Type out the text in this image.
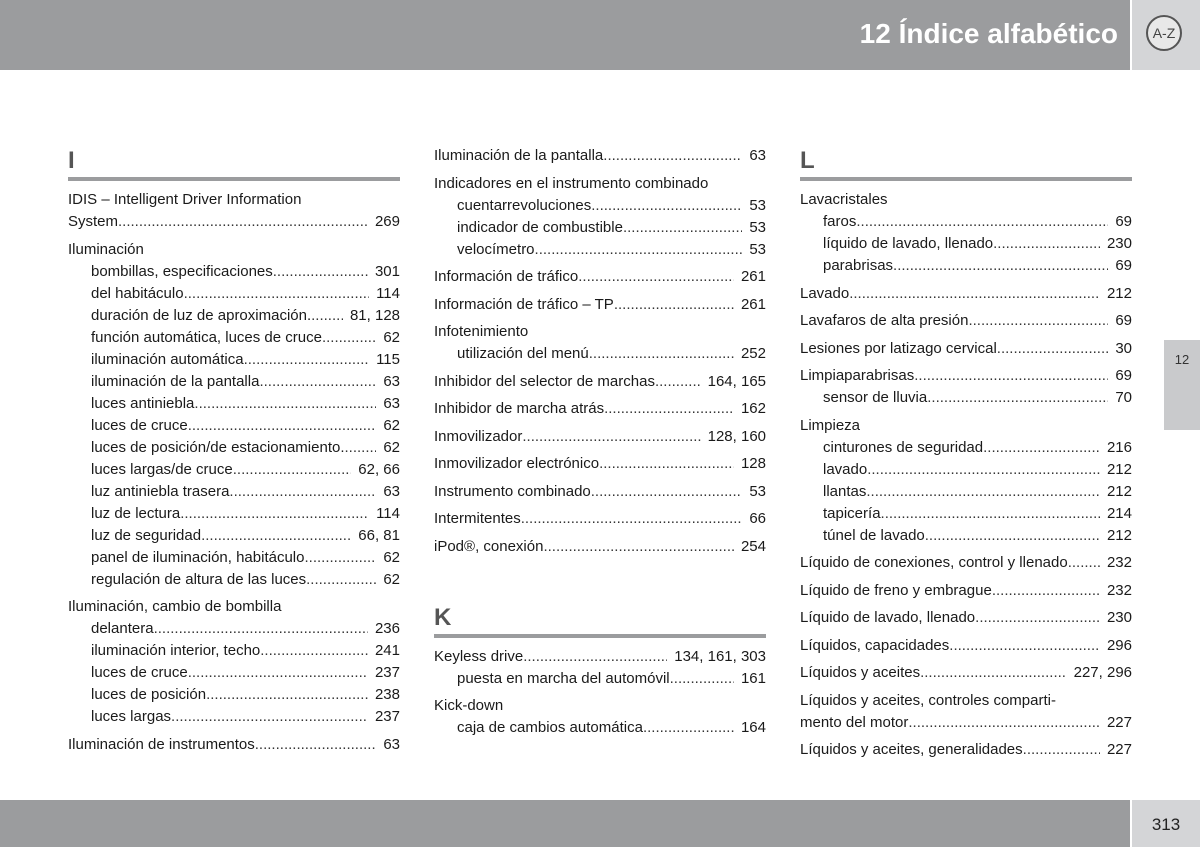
12 Índice alfabético	A-Z
I
IDIS – Intelligent Driver Information
System .....	269
Iluminación
bombillas, especificaciones .....	301
del habitáculo .....	114
duración de luz de aproximación. .....	81, 128
función automática, luces de cruce .....	62
iluminación automática .....	115
iluminación de la pantalla .....	63
luces antiniebla .....	63
luces de cruce .....	62
luces de posición/de estacionamiento. .....	62
luces largas/de cruce .....	62, 66
luz antiniebla trasera .....	63
luz de lectura .....	114
luz de seguridad .....	66, 81
panel de iluminación, habitáculo .....	62
regulación de altura de las luces .....	62
Iluminación, cambio de bombilla
delantera .....	236
iluminación interior, techo .....	241
luces de cruce .....	237
luces de posición .....	238
luces largas .....	237
Iluminación de instrumentos .....	63
Iluminación de la pantalla .....	63
Indicadores en el instrumento combinado
cuentarrevoluciones .....	53
indicador de combustible .....	53
velocímetro .....	53
Información de tráfico .....	261
Información de tráfico – TP .....	261
Infotenimiento
utilización del menú .....	252
Inhibidor del selector de marchas .....	164, 165
Inhibidor de marcha atrás .....	162
Inmovilizador .....	128, 160
Inmovilizador electrónico .....	128
Instrumento combinado .....	53
Intermitentes .....	66
iPod®, conexión .....	254
K
Keyless drive .....	134, 161, 303
puesta en marcha del automóvil .....	161
Kick-down
caja de cambios automática .....	164
L
Lavacristales
faros .....	69
líquido de lavado, llenado .....	230
parabrisas .....	69
Lavado .....	212
Lavafaros de alta presión .....	69
Lesiones por latizago cervical .....	30
Limpiaparabrisas .....	69
sensor de lluvia .....	70
Limpieza
cinturones de seguridad .....	216
lavado .....	212
llantas .....	212
tapicería .....	214
túnel de lavado .....	212
Líquido de conexiones, control y llenado .....	232
Líquido de freno y embrague .....	232
Líquido de lavado, llenado .....	230
Líquidos, capacidades .....	296
Líquidos y aceites .....	227, 296
Líquidos y aceites, controles comparti-
mento del motor .....	227
Líquidos y aceites, generalidades .....	227
12
313
